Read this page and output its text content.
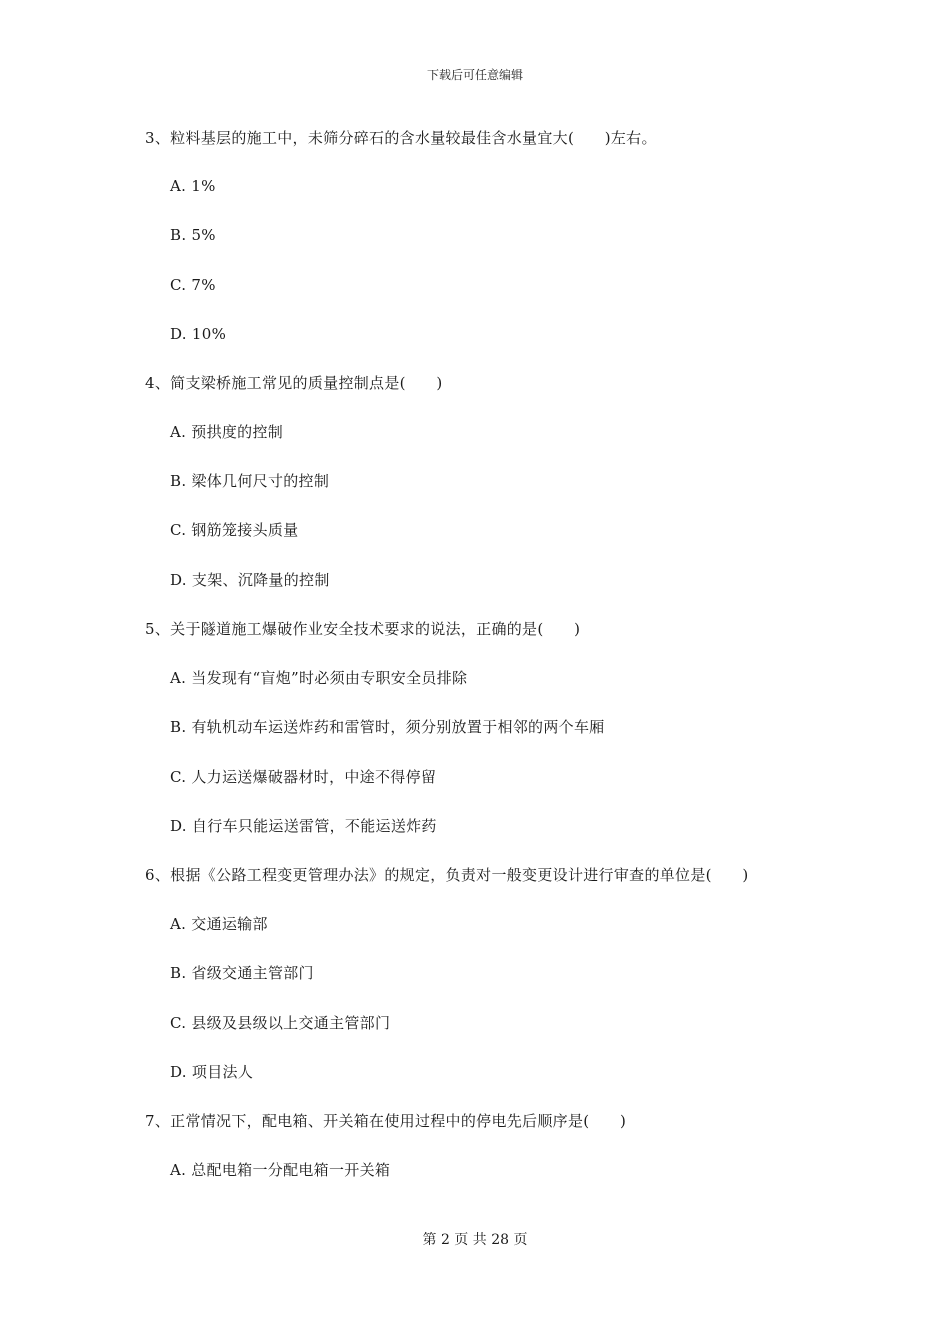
下载后可任意编辑
3、粒料基层的施工中，未筛分碎石的含水量较最佳含水量宜大(　　)左右。
A. 1%
B. 5%
C. 7%
D. 10%
4、简支梁桥施工常见的质量控制点是(　　)
A. 预拱度的控制
B. 梁体几何尺寸的控制
C. 钢筋笼接头质量
D. 支架、沉降量的控制
5、关于隧道施工爆破作业安全技术要求的说法，正确的是(　　)
A. 当发现有“盲炮”时必须由专职安全员排除
B. 有轨机动车运送炸药和雷管时，须分别放置于相邻的两个车厢
C. 人力运送爆破器材时，中途不得停留
D. 自行车只能运送雷管，不能运送炸药
6、根据《公路工程变更管理办法》的规定，负责对一般变更设计进行审查的单位是(　　)
A. 交通运输部
B. 省级交通主管部门
C. 县级及县级以上交通主管部门
D. 项目法人
7、正常情况下，配电箱、开关箱在使用过程中的停电先后顺序是(　　)
A. 总配电箱一分配电箱一开关箱
第 2 页 共 28 页
